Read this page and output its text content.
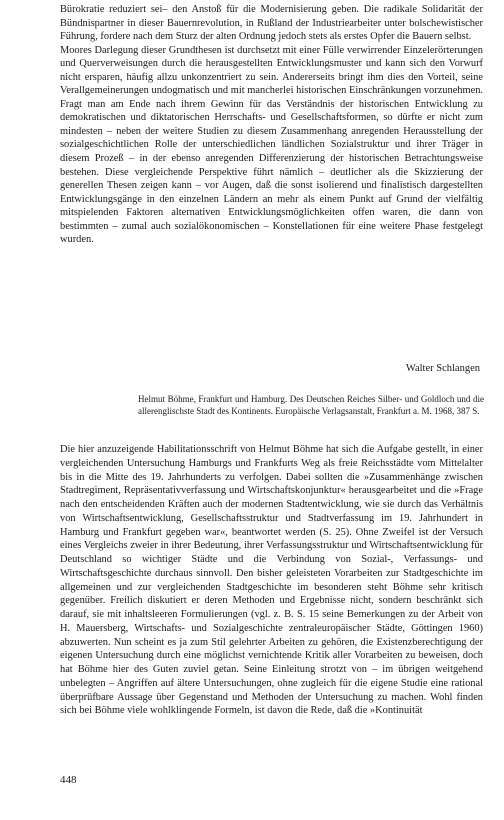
Bürokratie reduziert sei– den Anstoß für die Modernisierung geben. Die radikale Solidarität der Bündnispartner in dieser Bauernrevolution, in Rußland der Industriearbeiter unter bolschewistischer Führung, fordere nach dem Sturz der alten Ordnung jedoch stets als erstes Opfer die Bauern selbst.

Moores Darlegung dieser Grundthesen ist durchsetzt mit einer Fülle verwirrender Einzelerörterungen und Querverweisungen durch die herausgestellten Entwicklungsmuster und kann sich den Vorwurf nicht ersparen, häufig allzu unkonzentriert zu sein. Andererseits bringt ihm dies den Vorteil, seine Verallgemeinerungen undogmatisch und mit mancherlei historischen Einschränkungen vorzunehmen. Fragt man am Ende nach ihrem Gewinn für das Verständnis der historischen Entwicklung zu demokratischen und diktatorischen Herrschafts- und Gesellschaftsformen, so dürfte er nicht zum mindesten – neben der weitere Studien zu diesem Zusammenhang anregenden Herausstellung der sozialgeschichtlichen Rolle der unterschiedlichen ländlichen Sozialstruktur und ihrer Träger in diesem Prozeß – in der ebenso anregenden Differenzierung der historischen Betrachtungsweise bestehen. Diese vergleichende Perspektive führt nämlich – deutlicher als die Skizzierung der generellen Thesen zeigen kann – vor Augen, daß die sonst isolierend und finalistisch dargestellten Entwicklungsgänge in den einzelnen Ländern an mehr als einem Punkt auf Grund der vielfältig mitspielenden Faktoren alternativen Entwicklungsmöglichkeiten offen waren, die dann von bestimmten – zumal auch sozialökonomischen – Konstellationen für eine weitere Phase festgelegt wurden.

Walter Schlangen
Helmut Böhme, Frankfurt und Hamburg. Des Deutschen Reiches Silber- und Goldloch und die allerenglischste Stadt des Kontinents. Europäische Verlagsanstalt, Frankfurt a. M. 1968, 387 S.
Die hier anzuzeigende Habilitationsschrift von Helmut Böhme hat sich die Aufgabe gestellt, in einer vergleichenden Untersuchung Hamburgs und Frankfurts Weg als freie Reichsstädte vom Mittelalter bis in die Mitte des 19. Jahrhunderts zu verfolgen. Dabei sollten die »Zusammenhänge zwischen Stadtregiment, Repräsentativverfassung und Wirtschaftskonjunktur« herausgearbeitet und die »Frage nach den entscheidenden Kräften auch der modernen Stadtentwicklung, wie sie durch das Verhältnis von Wirtschaftsentwicklung, Gesellschaftsstruktur und Stadtverfassung im 19. Jahrhundert in Hamburg und Frankfurt gegeben war«, beantwortet werden (S. 25). Ohne Zweifel ist der Versuch eines Vergleichs zweier in ihrer Bedeutung, ihrer Verfassungsstruktur und Wirtschaftsentwicklung für Deutschland so wichtiger Städte und die Verbindung von Sozial-, Verfassungs- und Wirtschaftsgeschichte durchaus sinnvoll. Den bisher geleisteten Vorarbeiten zur Stadtgeschichte im allgemeinen und zur vergleichenden Stadtgeschichte im besonderen steht Böhme sehr kritisch gegenüber. Freilich diskutiert er deren Methoden und Ergebnisse nicht, sondern beschränkt sich darauf, sie mit inhaltsleeren Formulierungen (vgl. z. B. S. 15 seine Bemerkungen zu der Arbeit von H. Mauersberg, Wirtschafts- und Sozialgeschichte zentraleuropäischer Städte, Göttingen 1960) abzuwerten. Nun scheint es ja zum Stil gelehrter Arbeiten zu gehören, die Existenzberechtigung der eigenen Untersuchung durch eine möglichst vernichtende Kritik aller Vorarbeiten zu beweisen, doch hat Böhme hier des Guten zuviel getan. Seine Einleitung strotzt von – im übrigen weitgehend unbelegten – Angriffen auf ältere Untersuchungen, ohne zugleich für die eigene Studie eine rational überprüfbare Aussage über Gegenstand und Methoden der Untersuchung zu machen. Wohl finden sich bei Böhme viele wohlklingende Formeln, ist davon die Rede, daß die »Kontinuität
448
